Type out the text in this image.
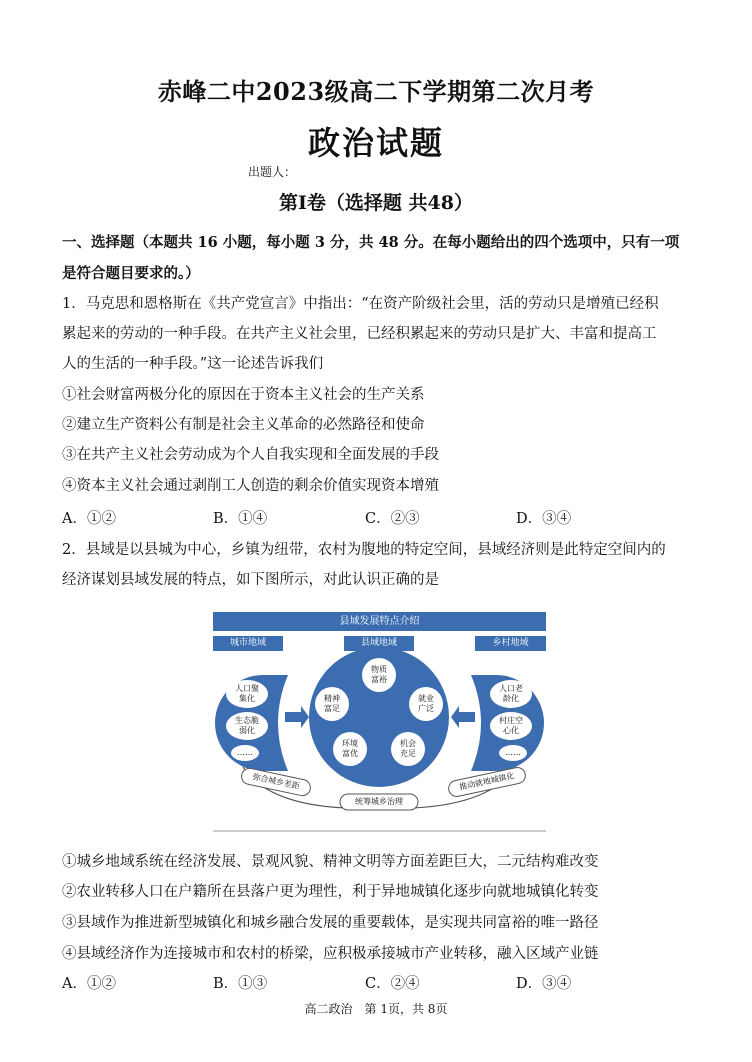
赤峰二中2023级高二下学期第二次月考
政治试题
出题人：
第Ⅰ卷（选择题 共48）
一、选择题（本题共 16 小题，每小题 3 分，共 48 分。在每小题给出的四个选项中，只有一项
是符合题目要求的。）
1．马克思和恩格斯在《共产党宣言》中指出：“在资产阶级社会里，活的劳动只是增殖已经积
累起来的劳动的一种手段。在共产主义社会里，已经积累起来的劳动只是扩大、丰富和提高工
人的生活的一种手段。”这一论述告诉我们
①社会财富两极分化的原因在于资本主义社会的生产关系
②建立生产资料公有制是社会主义革命的必然路径和使命
③在共产主义社会劳动成为个人自我实现和全面发展的手段
④资本主义社会通过剥削工人创造的剩余价值实现资本增殖
A．①②	B．①④	C．②③	D．③④
2．县域是以县城为中心，乡镇为纽带，农村为腹地的特定空间，县域经济则是此特定空间内的
经济谋划县域发展的特点，如下图所示，对此认识正确的是
县域发展特点介绍
城市地域	县域地域	乡村地域
人口聚集化
生态脆弱化
……
物质富裕
精神富足
就业广泛
环境富优
机会充足
人口老龄化
村庄空心化
……
弥合城乡差距
统筹城乡治理
推动就地城镇化
①城乡地域系统在经济发展、景观风貌、精神文明等方面差距巨大，二元结构难改变
②农业转移人口在户籍所在县落户更为理性，利于异地城镇化逐步向就地城镇化转变
③县域作为推进新型城镇化和城乡融合发展的重要载体，是实现共同富裕的唯一路径
④县域经济作为连接城市和农村的桥梁，应积极承接城市产业转移，融入区域产业链
A．①②	B．①③	C．②④	D．③④
高二政治　第 1页，共 8页
